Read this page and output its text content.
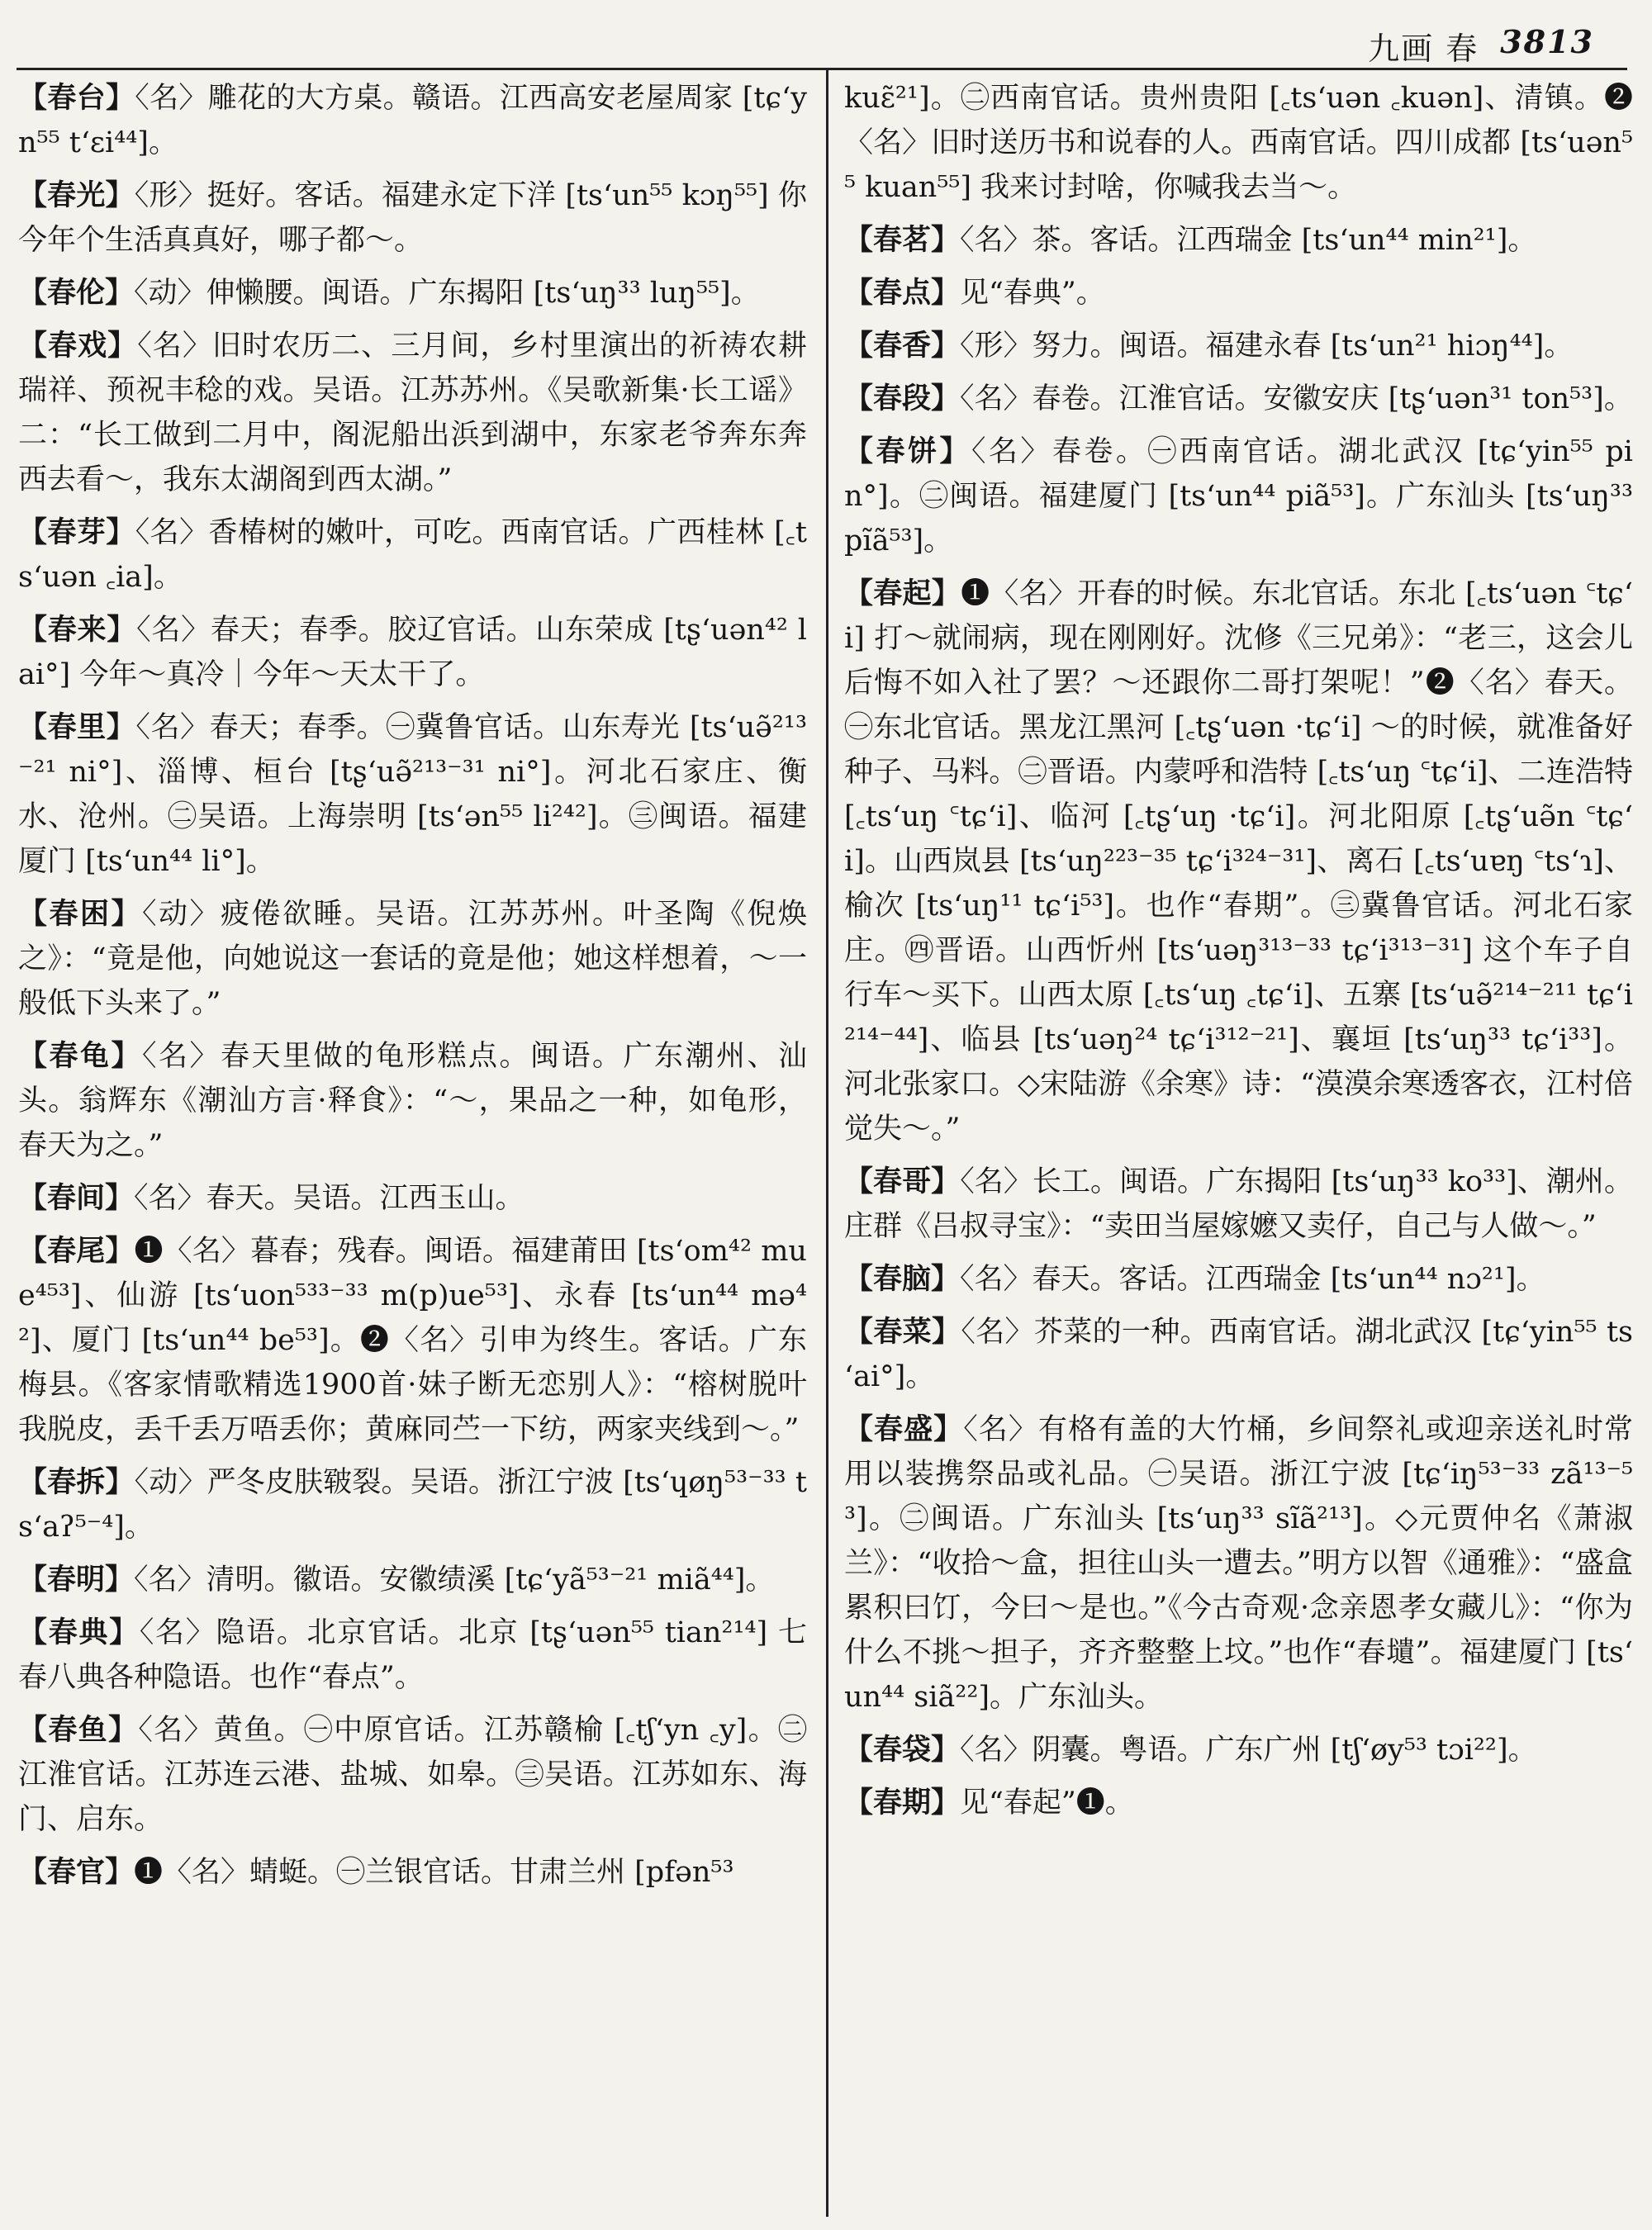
九画 春 3813

【春台】〈名〉雕花的大方桌。赣语。江西高安老屋周家 [tɕʻyn⁵⁵ tʻɛi⁴⁴]。

【春光】〈形〉挺好。客话。福建永定下洋 [tsʻun⁵⁵ kɔŋ⁵⁵] 你今年个生活真真好，哪子都～。

【春伦】〈动〉伸懒腰。闽语。广东揭阳 [tsʻuŋ³³ luŋ⁵⁵]。

【春戏】〈名〉旧时农历二、三月间，乡村里演出的祈祷农耕瑞祥、预祝丰稔的戏。吴语。江苏苏州。《吴歌新集·长工谣》二：“长工做到二月中，阁泥船出浜到湖中，东家老爷奔东奔西去看～，我东太湖阁到西太湖。”

【春芽】〈名〉香椿树的嫩叶，可吃。西南官话。广西桂林 [꜀tsʻuən ꜀ia]。

【春来】〈名〉春天；春季。胶辽官话。山东荣成 [tʂʻuən⁴² lai°] 今年～真冷｜今年～天太干了。

【春里】〈名〉春天；春季。㊀冀鲁官话。山东寿光 [tsʻuə̃²¹³⁻²¹ ni°]、淄博、桓台 [tʂʻuə̃²¹³⁻³¹ ni°]。河北石家庄、衡水、沧州。㊁吴语。上海崇明 [tsʻən⁵⁵ li²⁴²]。㊂闽语。福建厦门 [tsʻun⁴⁴ li°]。

【春困】〈动〉疲倦欲睡。吴语。江苏苏州。叶圣陶《倪焕之》：“竟是他，向她说这一套话的竟是他；她这样想着，～一般低下头来了。”

【春龟】〈名〉春天里做的龟形糕点。闽语。广东潮州、汕头。翁辉东《潮汕方言·释食》：“～，果品之一种，如龟形，春天为之。”

【春间】〈名〉春天。吴语。江西玉山。

【春尾】❶〈名〉暮春；残春。闽语。福建莆田 [tsʻom⁴² mue⁴⁵³]、仙游 [tsʻuon⁵³³⁻³³ m(p)ue⁵³]、永春 [tsʻun⁴⁴ mə⁴²]、厦门 [tsʻun⁴⁴ be⁵³]。❷〈名〉引申为终生。客话。广东梅县。《客家情歌精选1900首·妹子断无恋别人》：“榕树脱叶我脱皮，丢千丢万唔丢你；黄麻同苎一下纺，两家夹线到～。”

【春拆】〈动〉严冬皮肤皲裂。吴语。浙江宁波 [tsʻɥøŋ⁵³⁻³³ tsʻaʔ⁵⁻⁴]。

【春明】〈名〉清明。徽语。安徽绩溪 [tɕʻyã⁵³⁻²¹ miã⁴⁴]。

【春典】〈名〉隐语。北京官话。北京 [tʂʻuən⁵⁵ tian²¹⁴] 七春八典各种隐语。也作“春点”。

【春鱼】〈名〉黄鱼。㊀中原官话。江苏赣榆 [꜀tʃʻyn ꜀y]。㊁江淮官话。江苏连云港、盐城、如皋。㊂吴语。江苏如东、海门、启东。

【春官】❶〈名〉蜻蜓。㊀兰银官话。甘肃兰州 [pfən⁵³

kuɛ̃²¹]。㊁西南官话。贵州贵阳 [꜀tsʻuən ꜀kuən]、清镇。❷〈名〉旧时送历书和说春的人。西南官话。四川成都 [tsʻuən⁵⁵ kuan⁵⁵] 我来讨封啥，你喊我去当～。

【春茗】〈名〉茶。客话。江西瑞金 [tsʻun⁴⁴ min²¹]。

【春点】见“春典”。

【春香】〈形〉努力。闽语。福建永春 [tsʻun²¹ hiɔŋ⁴⁴]。

【春段】〈名〉春卷。江淮官话。安徽安庆 [tʂʻuən³¹ ton⁵³]。

【春饼】〈名〉春卷。㊀西南官话。湖北武汉 [tɕʻyin⁵⁵ pin°]。㊁闽语。福建厦门 [tsʻun⁴⁴ piã⁵³]。广东汕头 [tsʻuŋ³³ pĩã⁵³]。

【春起】❶〈名〉开春的时候。东北官话。东北 [꜀tsʻuən ꜂tɕʻi] 打～就闹病，现在刚刚好。沈修《三兄弟》：“老三，这会儿后悔不如入社了罢？～还跟你二哥打架呢！”❷〈名〉春天。㊀东北官话。黑龙江黑河 [꜀tʂʻuən ·tɕʻi] ～的时候，就准备好种子、马料。㊁晋语。内蒙呼和浩特 [꜀tsʻuŋ ꜂tɕʻi]、二连浩特 [꜀tsʻuŋ ꜂tɕʻi]、临河 [꜀tʂʻuŋ ·tɕʻi]。河北阳原 [꜀tʂʻuə̃n ꜂tɕʻi]。山西岚县 [tsʻuŋ²²³⁻³⁵ tɕʻi³²⁴⁻³¹]、离石 [꜀tsʻuɐŋ ꜂tsʻɿ]、榆次 [tsʻuŋ¹¹ tɕʻi⁵³]。也作“春期”。㊂冀鲁官话。河北石家庄。㊃晋语。山西忻州 [tsʻuəŋ³¹³⁻³³ tɕʻi³¹³⁻³¹] 这个车子自行车～买下。山西太原 [꜀tsʻuŋ ꜀tɕʻi]、五寨 [tsʻuə̃²¹⁴⁻²¹¹ tɕʻi²¹⁴⁻⁴⁴]、临县 [tsʻuəŋ²⁴ tɕʻi³¹²⁻²¹]、襄垣 [tsʻuŋ³³ tɕʻi³³]。河北张家口。◇宋陆游《余寒》诗：“漠漠余寒透客衣，江村倍觉失～。”

【春哥】〈名〉长工。闽语。广东揭阳 [tsʻuŋ³³ ko³³]、潮州。庄群《吕叔寻宝》：“卖田当屋嫁嬷又卖仔，自己与人做～。”

【春脑】〈名〉春天。客话。江西瑞金 [tsʻun⁴⁴ nɔ²¹]。

【春菜】〈名〉芥菜的一种。西南官话。湖北武汉 [tɕʻyin⁵⁵ tsʻai°]。

【春盛】〈名〉有格有盖的大竹桶，乡间祭礼或迎亲送礼时常用以装携祭品或礼品。㊀吴语。浙江宁波 [tɕʻiŋ⁵³⁻³³ zã¹³⁻⁵³]。㊁闽语。广东汕头 [tsʻuŋ³³ sĩã²¹³]。◇元贾仲名《萧淑兰》：“收拾～盒，担往山头一遭去。”明方以智《通雅》：“盛盒累积曰饤，今曰～是也。”《今古奇观·念亲恩孝女藏儿》：“你为什么不挑～担子，齐齐整整上坟。”也作“春壝”。福建厦门 [tsʻun⁴⁴ siã²²]。广东汕头。

【春袋】〈名〉阴囊。粤语。广东广州 [tʃʻøy⁵³ tɔi²²]。

【春期】见“春起”❶。
